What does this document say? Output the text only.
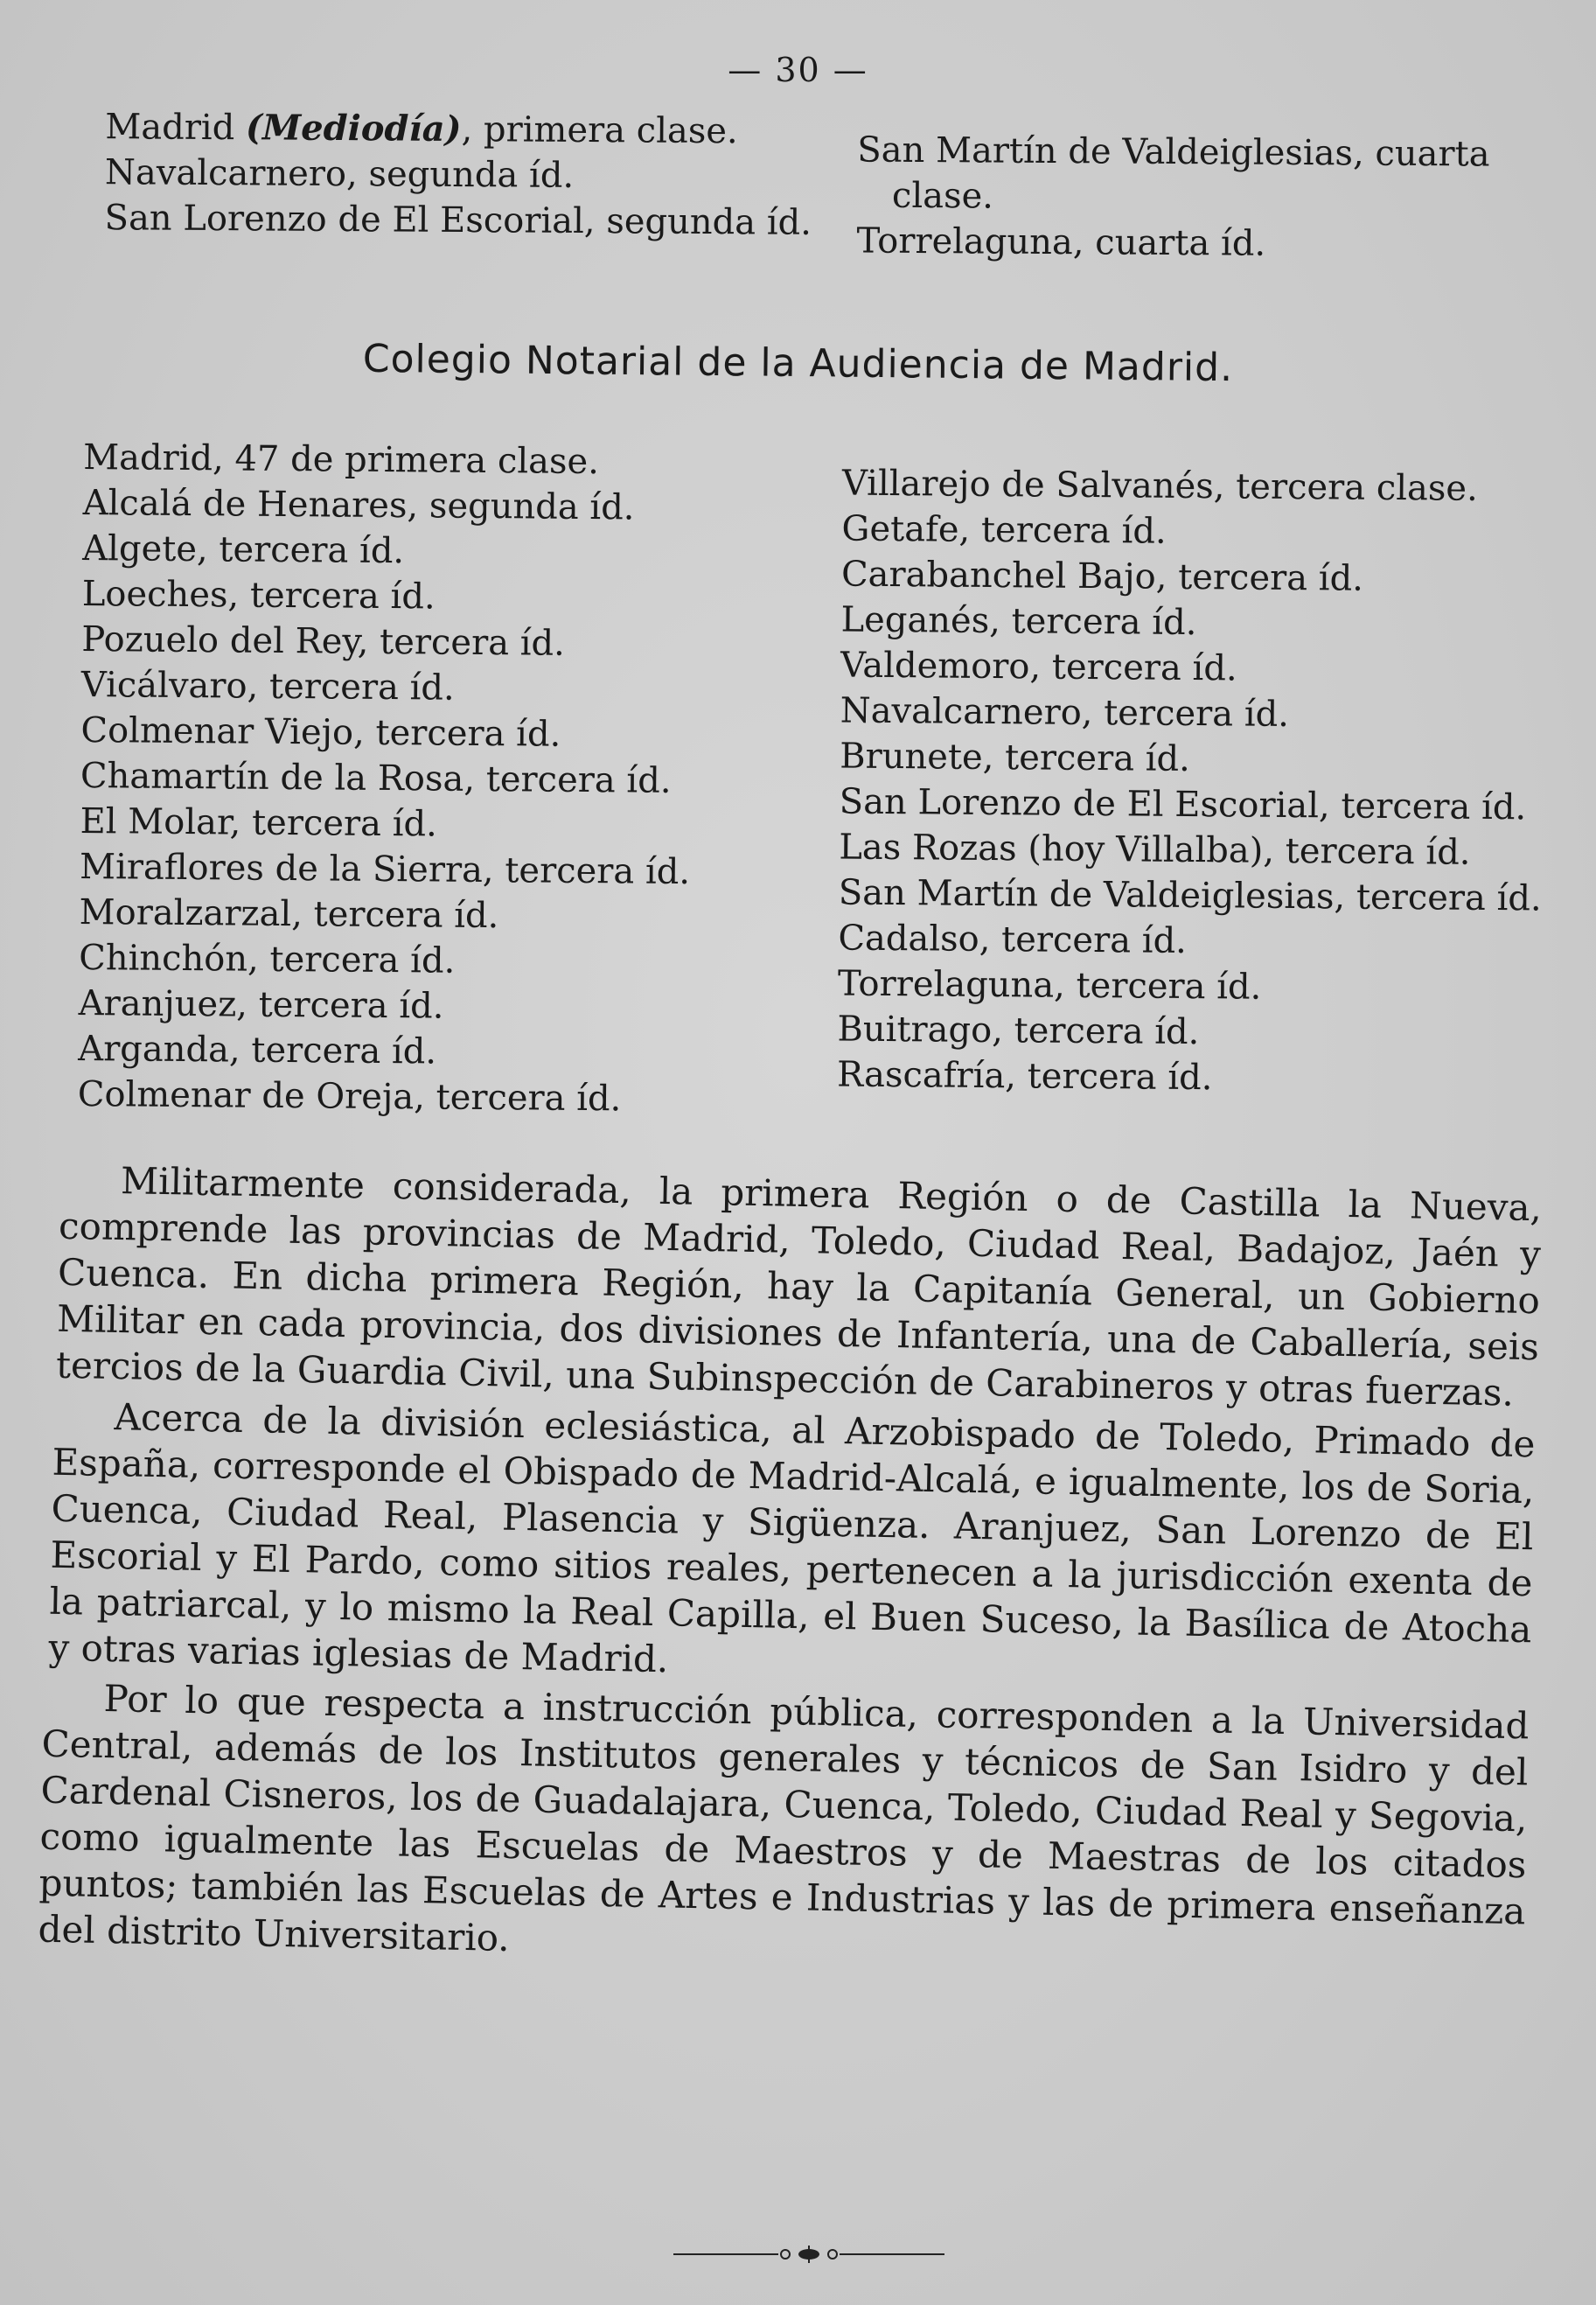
— 30 —
Madrid (Mediodía), primera clase.
Navalcarnero, segunda íd.
San Lorenzo de El Escorial, segunda íd.
San Martín de Valdeiglesias, cuarta
clase.
Torrelaguna, cuarta íd.
Colegio Notarial de la Audiencia de Madrid.
Madrid, 47 de primera clase.
Alcalá de Henares, segunda íd.
Algete, tercera íd.
Loeches, tercera íd.
Pozuelo del Rey, tercera íd.
Vicálvaro, tercera íd.
Colmenar Viejo, tercera íd.
Chamartín de la Rosa, tercera íd.
El Molar, tercera íd.
Miraflores de la Sierra, tercera íd.
Moralzarzal, tercera íd.
Chinchón, tercera íd.
Aranjuez, tercera íd.
Arganda, tercera íd.
Colmenar de Oreja, tercera íd.
Villarejo de Salvanés, tercera clase.
Getafe, tercera íd.
Carabanchel Bajo, tercera íd.
Leganés, tercera íd.
Valdemoro, tercera íd.
Navalcarnero, tercera íd.
Brunete, tercera íd.
San Lorenzo de El Escorial, tercera íd.
Las Rozas (hoy Villalba), tercera íd.
San Martín de Valdeiglesias, tercera íd.
Cadalso, tercera íd.
Torrelaguna, tercera íd.
Buitrago, tercera íd.
Rascafría, tercera íd.
Militarmente considerada, la primera Región o de Castilla la Nueva, comprende las provincias de Madrid, Toledo, Ciudad Real, Badajoz, Jaén y Cuenca. En dicha primera Región, hay la Capitanía General, un Gobierno Militar en cada provincia, dos divisiones de Infantería, una de Caballería, seis tercios de la Guardia Civil, una Subinspección de Carabineros y otras fuerzas.
Acerca de la división eclesiástica, al Arzobispado de Toledo, Primado de España, corresponde el Obispado de Madrid-Alcalá, e igualmente, los de Soria, Cuenca, Ciudad Real, Plasencia y Sigüenza. Aranjuez, San Lorenzo de El Escorial y El Pardo, como sitios reales, pertenecen a la jurisdicción exenta de la patriarcal, y lo mismo la Real Capilla, el Buen Suceso, la Basílica de Atocha y otras varias iglesias de Madrid.
Por lo que respecta a instrucción pública, corresponden a la Universidad Central, además de los Institutos generales y técnicos de San Isidro y del Cardenal Cisneros, los de Guadalajara, Cuenca, Toledo, Ciudad Real y Segovia, como igualmente las Escuelas de Maestros y de Maestras de los citados puntos; también las Escuelas de Artes e Industrias y las de primera enseñanza del distrito Universitario.
